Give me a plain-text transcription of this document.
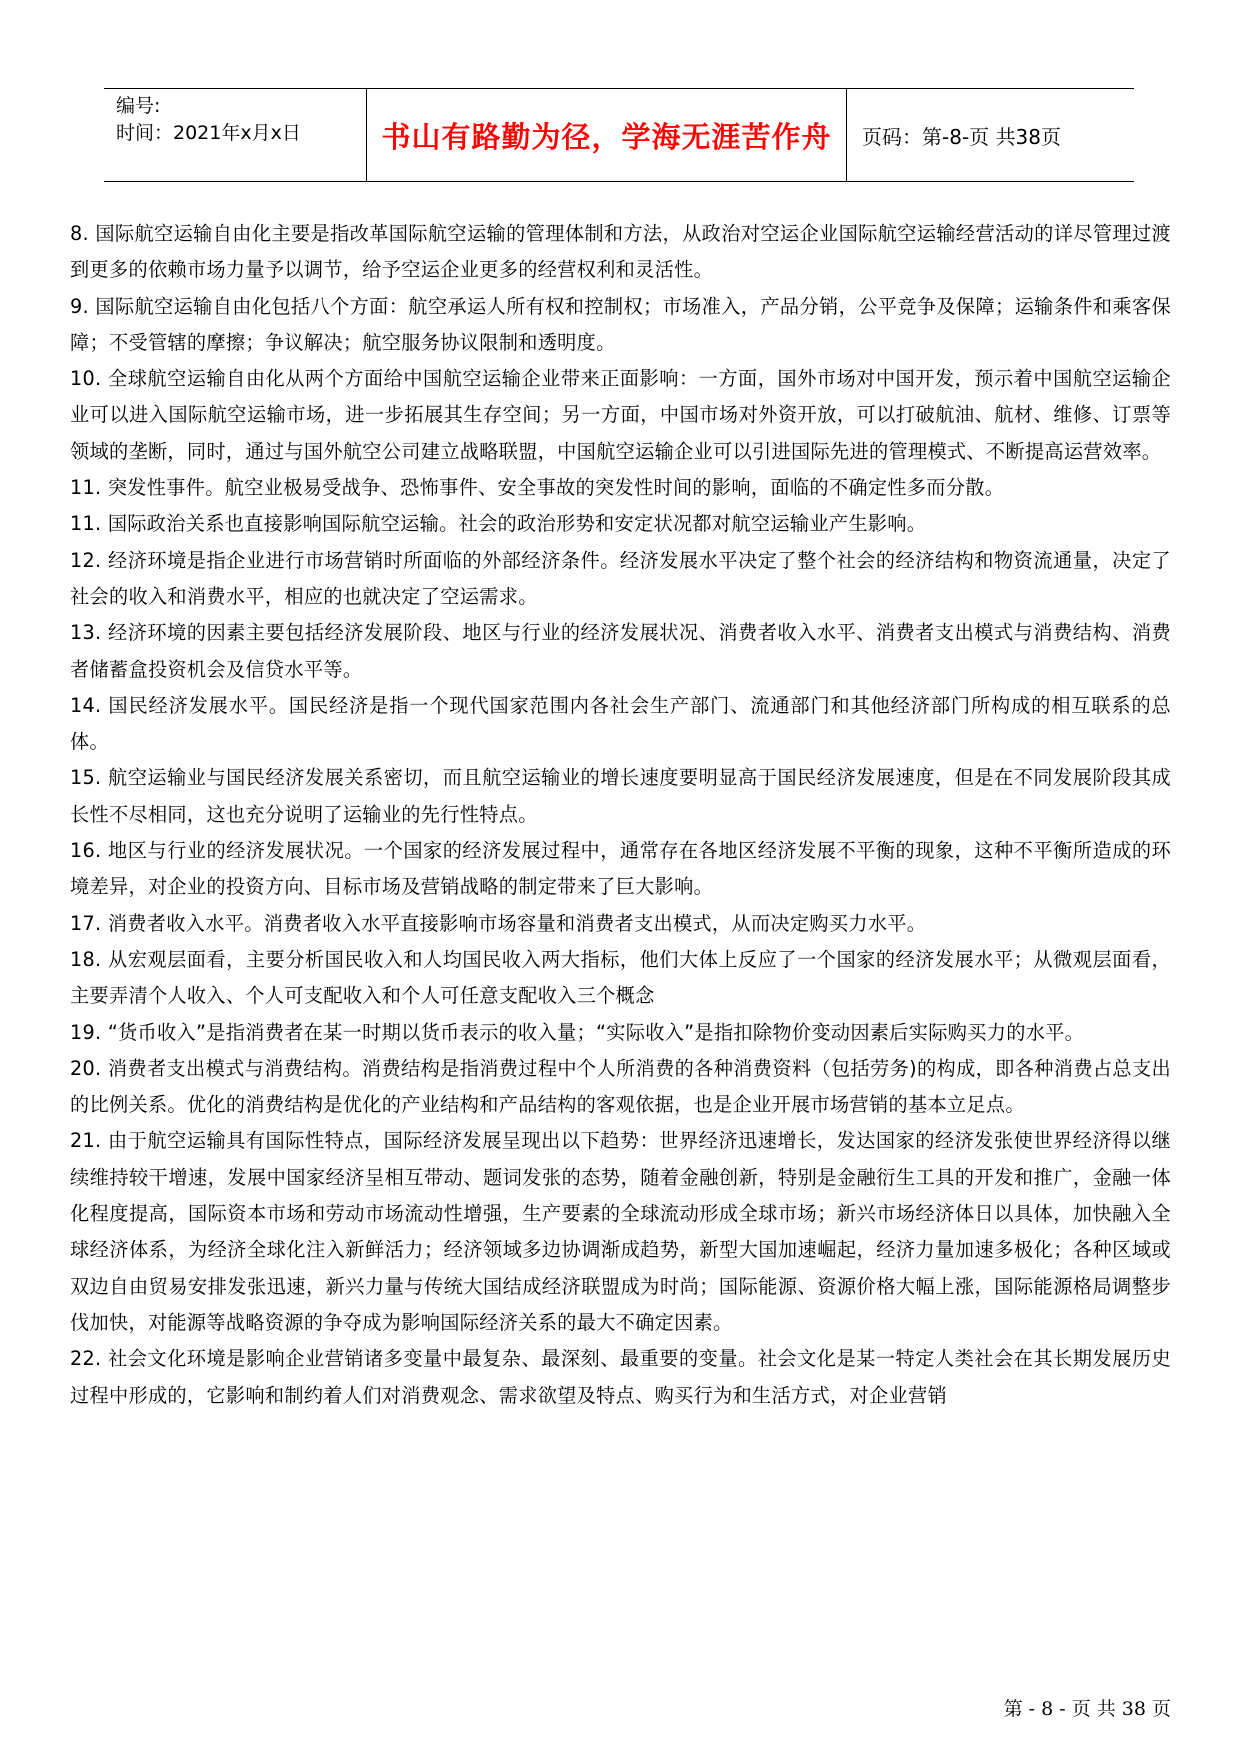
编号:
时间：2021年x月x日	书山有路勤为径，学海无涯苦作舟 页码：第-8-页 共38页

8. 国际航空运输自由化主要是指改革国际航空运输的管理体制和方法，从政治对空运企业国际航空运输经营活动的详尽管理过渡到更多的依赖市场力量予以调节，给予空运企业更多的经营权利和灵活性。

9. 国际航空运输自由化包括八个方面：航空承运人所有权和控制权；市场准入，产品分销，公平竞争及保障；运输条件和乘客保障；不受管辖的摩擦；争议解决；航空服务协议限制和透明度。

10. 全球航空运输自由化从两个方面给中国航空运输企业带来正面影响：一方面，国外市场对中国开发，预示着中国航空运输企业可以进入国际航空运输市场，进一步拓展其生存空间；另一方面，中国市场对外资开放，可以打破航油、航材、维修、订票等领域的垄断，同时，通过与国外航空公司建立战略联盟，中国航空运输企业可以引进国际先进的管理模式、不断提高运营效率。

11. 突发性事件。航空业极易受战争、恐怖事件、安全事故的突发性时间的影响，面临的不确定性多而分散。

11. 国际政治关系也直接影响国际航空运输。社会的政治形势和安定状况都对航空运输业产生影响。

12. 经济环境是指企业进行市场营销时所面临的外部经济条件。经济发展水平决定了整个社会的经济结构和物资流通量，决定了社会的收入和消费水平，相应的也就决定了空运需求。

13. 经济环境的因素主要包括经济发展阶段、地区与行业的经济发展状况、消费者收入水平、消费者支出模式与消费结构、消费者储蓄盒投资机会及信贷水平等。

14. 国民经济发展水平。国民经济是指一个现代国家范围内各社会生产部门、流通部门和其他经济部门所构成的相互联系的总体。

15. 航空运输业与国民经济发展关系密切，而且航空运输业的增长速度要明显高于国民经济发展速度，但是在不同发展阶段其成长性不尽相同，这也充分说明了运输业的先行性特点。

16. 地区与行业的经济发展状况。一个国家的经济发展过程中，通常存在各地区经济发展不平衡的现象，这种不平衡所造成的环境差异，对企业的投资方向、目标市场及营销战略的制定带来了巨大影响。

17. 消费者收入水平。消费者收入水平直接影响市场容量和消费者支出模式，从而决定购买力水平。

18. 从宏观层面看，主要分析国民收入和人均国民收入两大指标，他们大体上反应了一个国家的经济发展水平；从微观层面看，主要弄清个人收入、个人可支配收入和个人可任意支配收入三个概念

19. “货币收入”是指消费者在某一时期以货币表示的收入量；“实际收入”是指扣除物价变动因素后实际购买力的水平。

20. 消费者支出模式与消费结构。消费结构是指消费过程中个人所消费的各种消费资料（包括劳务)的构成，即各种消费占总支出的比例关系。优化的消费结构是优化的产业结构和产品结构的客观依据，也是企业开展市场营销的基本立足点。

21. 由于航空运输具有国际性特点，国际经济发展呈现出以下趋势：世界经济迅速增长，发达国家的经济发张使世界经济得以继续维持较干增速，发展中国家经济呈相互带动、题词发张的态势，随着金融创新，特别是金融衍生工具的开发和推广，金融一体化程度提高，国际资本市场和劳动市场流动性增强，生产要素的全球流动形成全球市场；新兴市场经济体日以具体，加快融入全球经济体系，为经济全球化注入新鲜活力；经济领域多边协调渐成趋势，新型大国加速崛起，经济力量加速多极化；各种区域或双边自由贸易安排发张迅速，新兴力量与传统大国结成经济联盟成为时尚；国际能源、资源价格大幅上涨，国际能源格局调整步伐加快，对能源等战略资源的争夺成为影响国际经济关系的最大不确定因素。

22. 社会文化环境是影响企业营销诸多变量中最复杂、最深刻、最重要的变量。社会文化是某一特定人类社会在其长期发展历史过程中形成的，它影响和制约着人们对消费观念、需求欲望及特点、购买行为和生活方式，对企业营销

第 - 8 - 页 共 38 页
